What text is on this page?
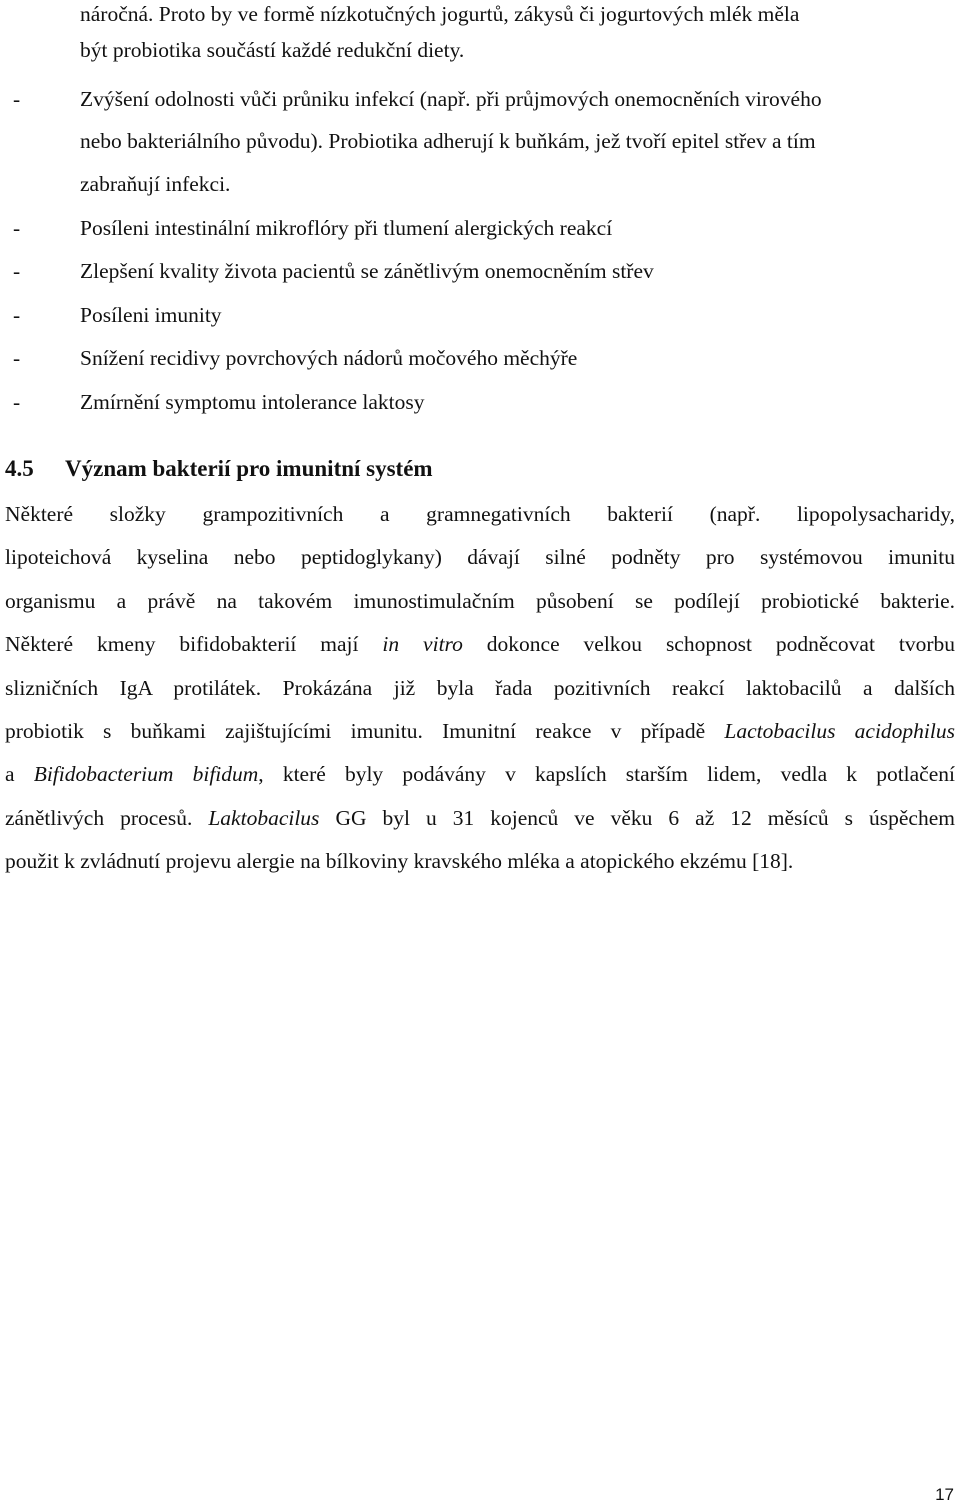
náročná. Proto by ve formě nízkotučných jogurtů, zákysů či jogurtových mlék měla
být probiotika součástí každé redukční diety.
-	Zvýšení odolnosti vůči průniku infekcí (např. při průjmových onemocněních virového
nebo bakteriálního původu). Probiotika adherují k buňkám, jež tvoří epitel střev a tím
zabraňují infekci.
-	Posíleni intestinální mikroflóry při tlumení alergických reakcí
-	Zlepšení kvality života pacientů se zánětlivým onemocněním střev
-	Posíleni imunity
-	Snížení recidivy povrchových nádorů močového měchýře
-	Zmírnění symptomu intolerance laktosy
4.5 Význam bakterií pro imunitní systém
Některé složky grampozitivních a gramnegativních bakterií (např. lipopolysacharidy,
lipoteichová kyselina nebo peptidoglykany) dávají silné podněty pro systémovou imunitu
organismu a právě na takovém imunostimulačním působení se podílejí probiotické bakterie.
Některé kmeny bifidobakterií mají in vitro dokonce velkou schopnost podněcovat tvorbu
slizničních IgA protilátek. Prokázána již byla řada pozitivních reakcí laktobacilů a dalších
probiotik s buňkami zajištujícími imunitu. Imunitní reakce v případě Lactobacilus acidophilus
a Bifidobacterium bifidum, které byly podávány v kapslích starším lidem, vedla k potlačení
zánětlivých procesů. Laktobacilus GG byl u 31 kojenců ve věku 6 až 12 měsíců s úspěchem
použit k zvládnutí projevu alergie na bílkoviny kravského mléka a atopického ekzému [18].
17
